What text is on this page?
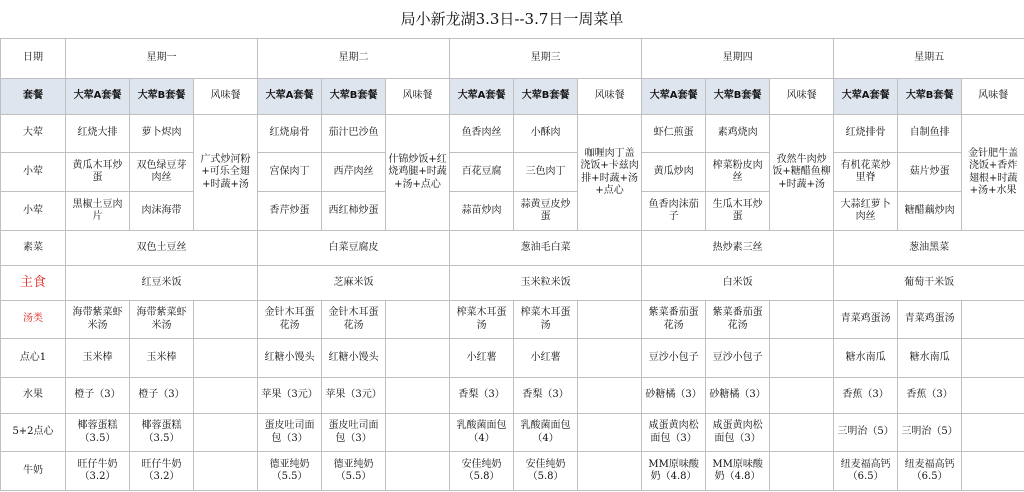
局小新龙湖3.3日--3.7日一周菜单
日期	星期一			星期二			星期三			星期四			星期五		
套餐	大荤A套餐	大荤B套餐	风味餐	大荤A套餐	大荤B套餐	风味餐	大荤A套餐	大荤B套餐	风味餐	大荤A套餐	大荤B套餐	风味餐	大荤A套餐	大荤B套餐	风味餐
大荤	红烧大排	萝卜烬肉	广式炒河粉+可乐全翅+时蔬+汤	红烧扇骨	茄汁巴沙鱼	什锦炒饭+红烧鸡腿+时蔬+汤+点心	鱼香肉丝	小酥肉	咖喱肉丁盖浇饭+卡兹肉排+时蔬+汤+点心	虾仁煎蛋	素鸡烧肉	孜然牛肉炒饭+糖醋鱼柳+时蔬+汤	红烧排骨	自制鱼排	金针肥牛盖浇饭+香炸翅根+时蔬+汤+水果
小荤	黄瓜木耳炒蛋	双色绿豆芽肉丝		宫保肉丁	西芹肉丝		百花豆腐	三色肉丁		黄瓜炒肉	榨菜粉皮肉丝		有机花菜炒里脊	菇片炒蛋	
小荤	黑椒土豆肉片	肉沫海带		香芹炒蛋	西红柿炒蛋		蒜苗炒肉	蒜黄豆皮炒蛋		鱼香肉沫茄子	生瓜木耳炒蛋		大蒜红萝卜肉丝	糖醋藕炒肉	
素菜	双色土豆丝			白菜豆腐皮			葱油毛白菜			热炒素三丝			葱油黑菜		
主食	红豆米饭			芝麻米饭			玉米粒米饭			白米饭			葡萄干米饭		
汤类	海带紫菜虾米汤	海带紫菜虾米汤		金针木耳蛋花汤	金针木耳蛋花汤		榨菜木耳蛋汤	榨菜木耳蛋汤		紫菜番茄蛋花汤	紫菜番茄蛋花汤		青菜鸡蛋汤	青菜鸡蛋汤	
点心1	玉米棒	玉米棒		红糖小馒头	红糖小馒头		小红薯	小红薯		豆沙小包子	豆沙小包子		糖水南瓜	糖水南瓜	
水果	橙子（3）	橙子（3）		苹果（3元）	苹果（3元）		香梨（3）	香梨（3）		砂糖橘（3）	砂糖橘（3）		香蕉（3）	香蕉（3）	
5+2点心	椰蓉蛋糕（3.5）	椰蓉蛋糕（3.5）		蛋皮吐司面包（3）	蛋皮吐司面包（3）		乳酸菌面包（4）	乳酸菌面包（4）		咸蛋黄肉松面包（3）	咸蛋黄肉松面包（3）		三明治（5）	三明治（5）	
牛奶	旺仔牛奶（3.2）	旺仔牛奶（3.2）		德亚纯奶（5.5）	德亚纯奶（5.5）		安佳纯奶（5.8）	安佳纯奶（5.8）		MM原味酸奶（4.8）	MM原味酸奶（4.8）		纽麦福高钙（6.5）	纽麦福高钙（6.5）	
